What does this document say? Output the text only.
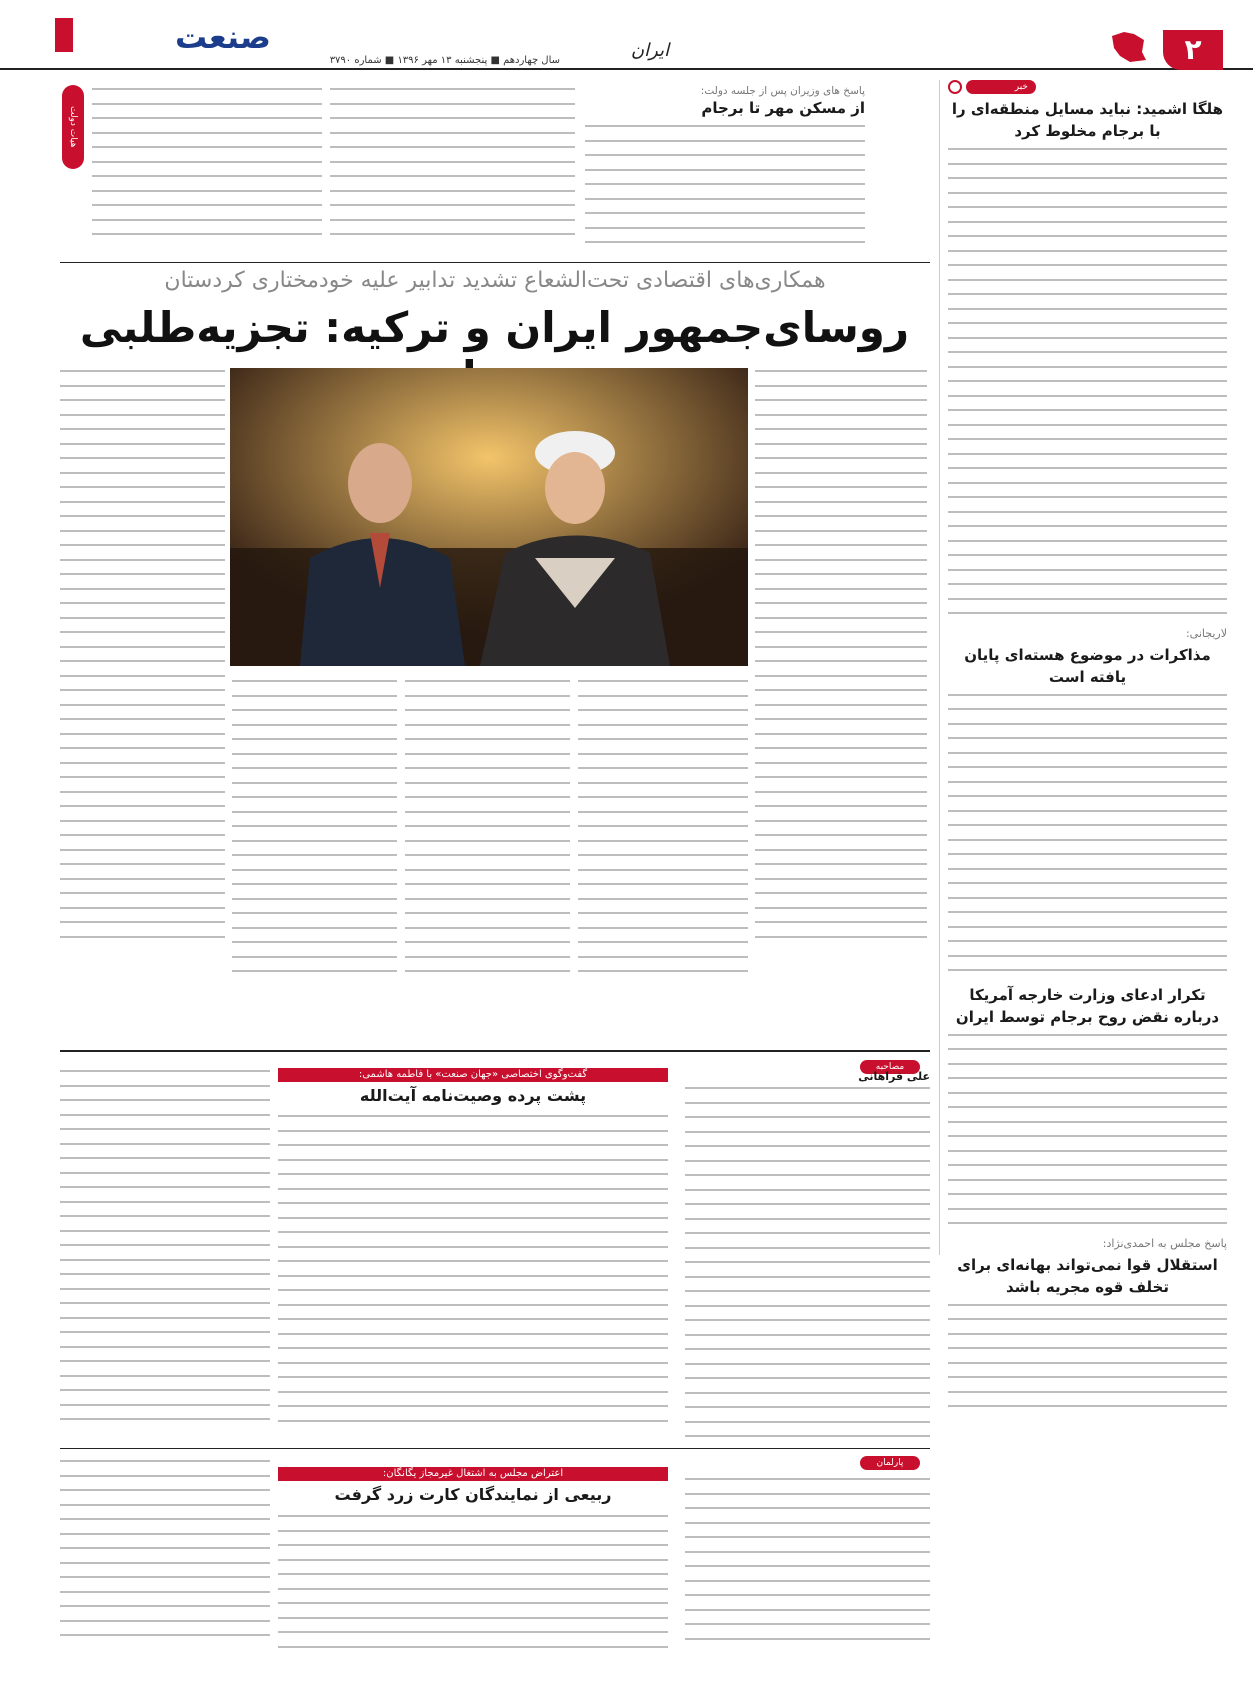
صنعت
سال چهاردهم ■ پنجشنبه ۱۳ مهر ۱۳۹۶ ■ شماره ۳۷۹۰	ایران	۲
هیات دولت
پاسخ های وزیران پس از جلسه دولت:
از مسکن مهر تا برجام
همکاری‌های اقتصادی تحت‌الشعاع تشدید تدابیر علیه خودمختاری کردستان
روسای‌جمهور ایران و ترکیه: تجزیه‌طلبی
مصاحبه
گفت‌وگوی اختصاصی «جهان صنعت» با فاطمه هاشمی:
پشت پرده وصیت‌نامه آیت‌الله
علی قراهانی
پارلمان
اعتراض مجلس به اشتغال غیرمجاز یگانگان:
ربیعی از نمایندگان کارت زرد گرفت
خبر
هلگا اشمید: نباید مسایل منطقه‌ای را با برجام مخلوط کرد
لاریجانی:
مذاکرات در موضوع هسته‌ای پایان یافته است
تکرار ادعای وزارت خارجه آمریکا درباره نقض روح برجام توسط ایران
پاسخ مجلس به احمدی‌نژاد:
استقلال قوا نمی‌تواند بهانه‌ای برای تخلف قوه مجریه باشد
